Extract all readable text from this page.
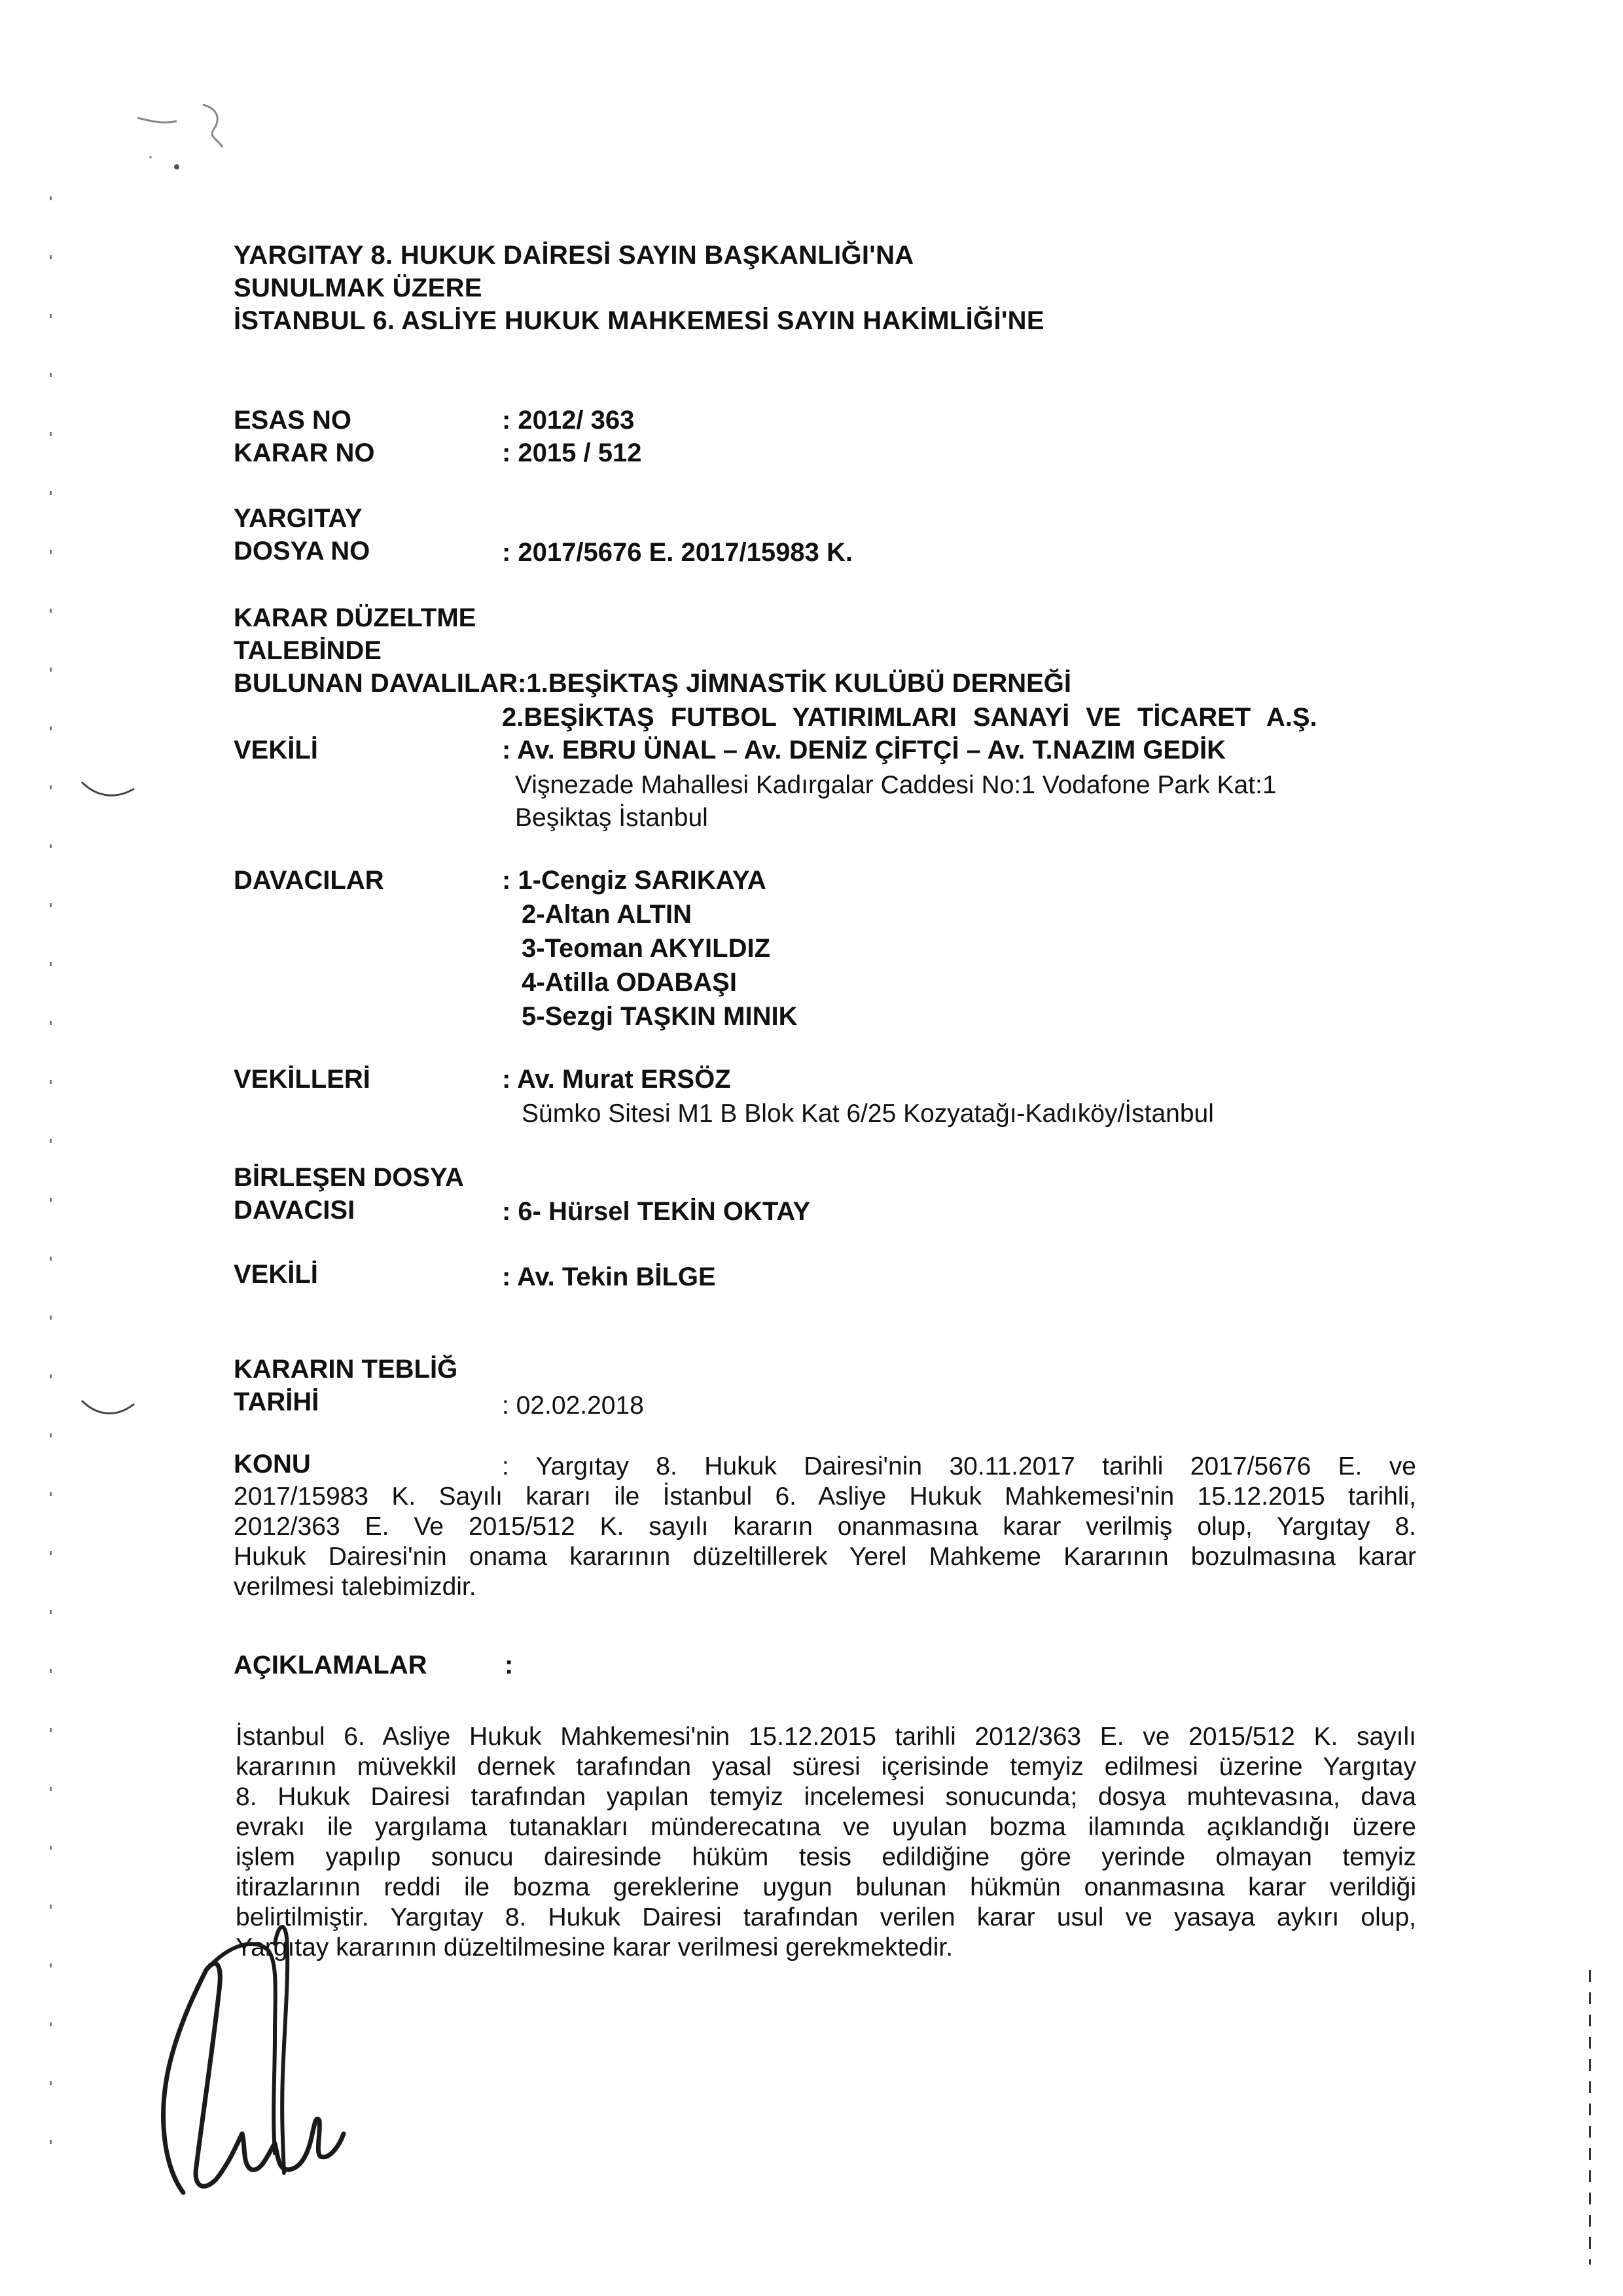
YARGITAY 8. HUKUK DAİRESİ SAYIN BAŞKANLIĞI'NA
SUNULMAK ÜZERE
İSTANBUL 6. ASLİYE HUKUK MAHKEMESİ SAYIN HAKİMLİĞİ'NE
ESAS NO	: 2012/ 363
KARAR NO	: 2015 / 512
YARGITAY
DOSYA NO	: 2017/5676 E. 2017/15983 K.
KARAR DÜZELTME
TALEBİNDE
BULUNAN DAVALILAR:1.BEŞİKTAŞ JİMNASTİK KULÜBÜ DERNEĞİ
2.BEŞİKTAŞ FUTBOL YATIRIMLARI SANAYİ VE TİCARET A.Ş.
VEKİLİ	: Av. EBRU ÜNAL – Av. DENİZ ÇİFTÇİ – Av. T.NAZIM GEDİK
Vişnezade Mahallesi Kadırgalar Caddesi No:1 Vodafone Park Kat:1
Beşiktaş İstanbul
DAVACILAR	: 1-Cengiz SARIKAYA
2-Altan ALTIN
3-Teoman AKYILDIZ
4-Atilla ODABAŞI
5-Sezgi TAŞKIN MINIK
VEKİLLERİ	: Av. Murat ERSÖZ
Sümko Sitesi M1 B Blok Kat 6/25 Kozyatağı-Kadıköy/İstanbul
BİRLEŞEN DOSYA
DAVACISI	: 6- Hürsel TEKİN OKTAY
VEKİLİ	: Av. Tekin BİLGE
KARARIN TEBLİĞ
TARİHİ	: 02.02.2018
KONU	: Yargıtay 8. Hukuk Dairesi'nin 30.11.2017 tarihli 2017/5676 E. ve
2017/15983 K. Sayılı kararı ile İstanbul 6. Asliye Hukuk Mahkemesi'nin 15.12.2015 tarihli,
2012/363 E. Ve 2015/512 K. sayılı kararın onanmasına karar verilmiş olup, Yargıtay 8.
Hukuk Dairesi'nin onama kararının düzeltillerek Yerel Mahkeme Kararının bozulmasına karar
verilmesi talebimizdir.
AÇIKLAMALAR	:
İstanbul 6. Asliye Hukuk Mahkemesi'nin 15.12.2015 tarihli 2012/363 E. ve 2015/512 K. sayılı
kararının müvekkil dernek tarafından yasal süresi içerisinde temyiz edilmesi üzerine Yargıtay
8. Hukuk Dairesi tarafından yapılan temyiz incelemesi sonucunda; dosya muhtevasına, dava
evrakı ile yargılama tutanakları münderecatına ve uyulan bozma ilamında açıklandığı üzere
işlem yapılıp sonucu dairesinde hüküm tesis edildiğine göre yerinde olmayan temyiz
itirazlarının reddi ile bozma gereklerine uygun bulunan hükmün onanmasına karar verildiği
belirtilmiştir. Yargıtay 8. Hukuk Dairesi tarafından verilen karar usul ve yasaya aykırı olup,
Yargıtay kararının düzeltilmesine karar verilmesi gerekmektedir.
